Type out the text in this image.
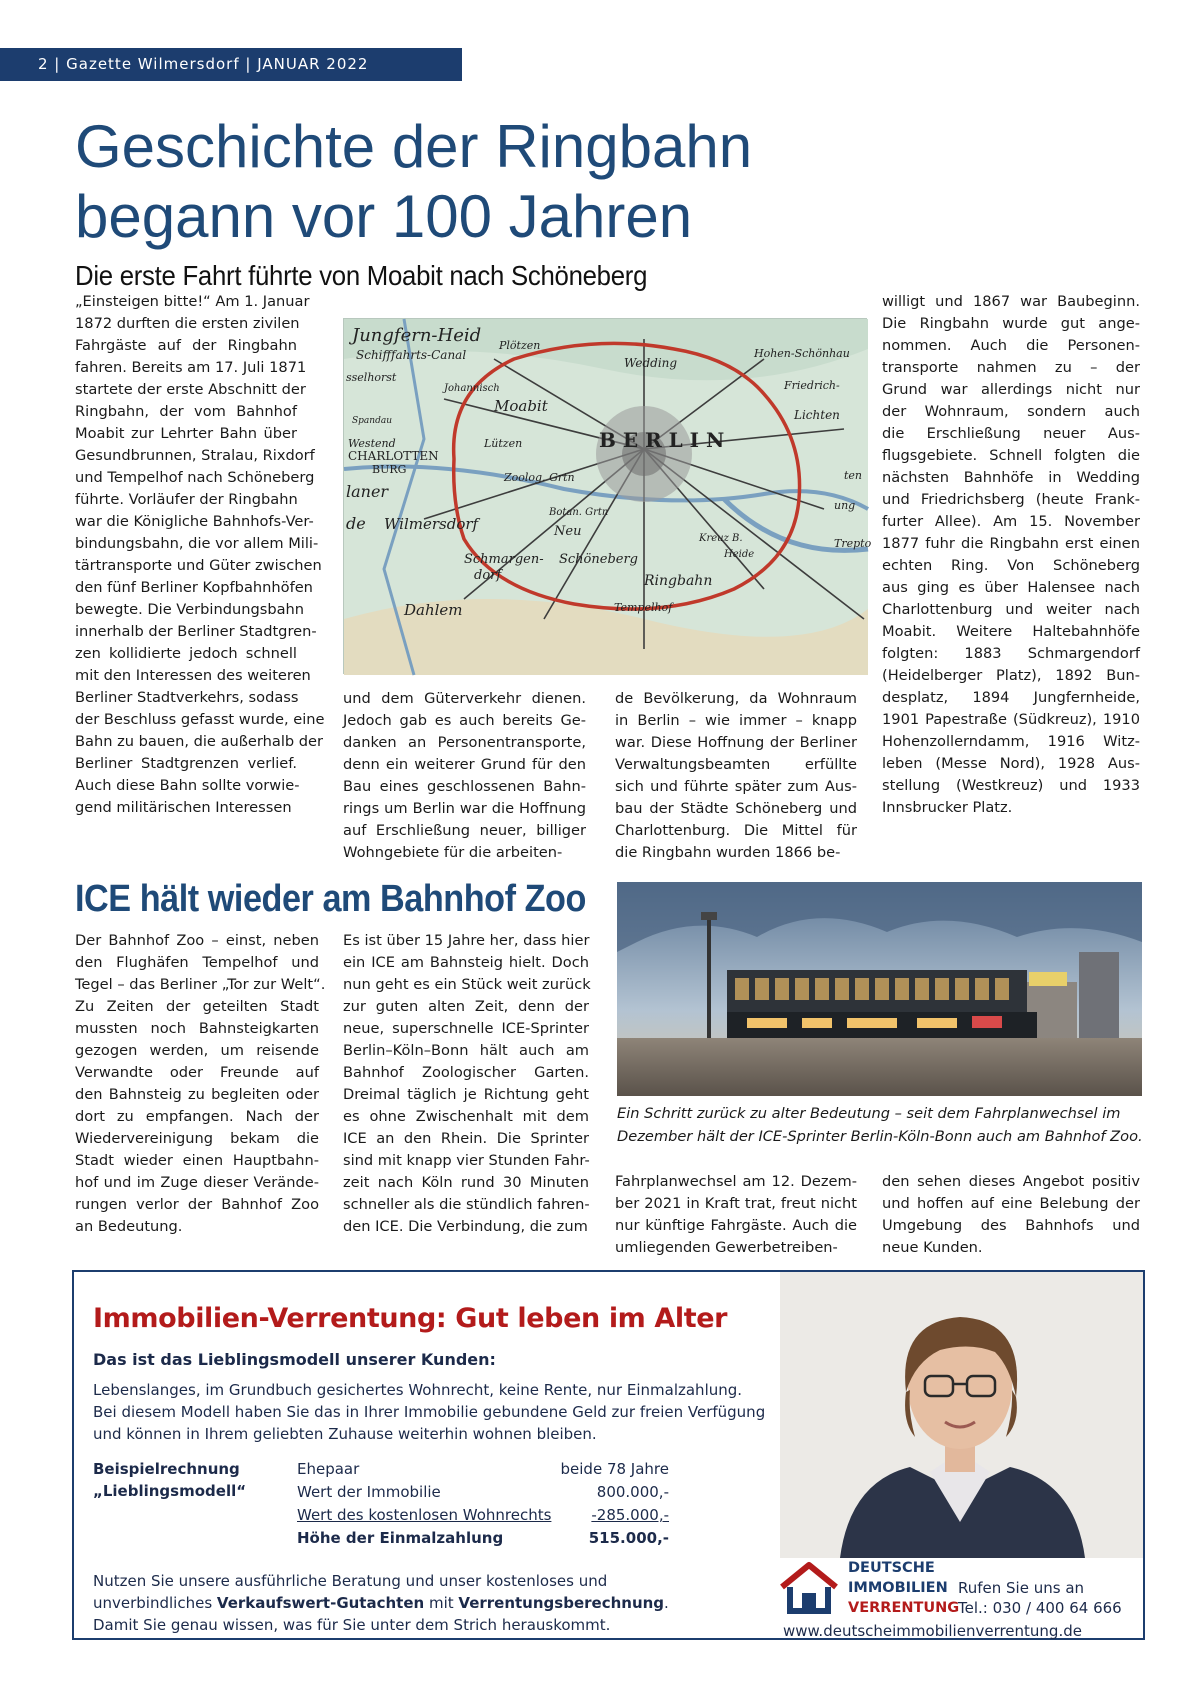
2 | Gazette Wilmersdorf | JANUAR 2022
Geschichte der Ringbahn
begann vor 100 Jahren
Die erste Fahrt führte von Moabit nach Schöneberg
„Einsteigen bitte!“ Am 1. Januar
1872 durften die ersten zivilen
Fahrgäste auf der Ringbahn
fahren. Bereits am 17. Juli 1871
startete der erste Abschnitt der
Ringbahn, der vom Bahnhof
Moabit zur Lehrter Bahn über
Gesundbrunnen, Stralau, Rixdorf
und Tempelhof nach Schöneberg
führte. Vorläufer der Ringbahn
war die Königliche Bahnhofs-Ver-
bindungsbahn, die vor allem Mili-
tärtransporte und Güter zwischen
den fünf Berliner Kopfbahnhöfen
bewegte. Die Verbindungsbahn
innerhalb der Berliner Stadtgren-
zen kollidierte jedoch schnell
mit den Interessen des weiteren
Berliner Stadtverkehrs, sodass
der Beschluss gefasst wurde, eine
Bahn zu bauen, die außerhalb der
Berliner Stadtgrenzen verlief.
Auch diese Bahn sollte vorwie-
gend militärischen Interessen
Jungfern-Heid
Schifffahrts-Canal
Plötzen
Wedding
Hohen-Schönhau
sselhorst
Johannisch
Moabit
Friedrich-
Lichten
Spandau
Westend
CHARLOTTEN
BURG
B E R L I N
Lützen
Zoolog. Grtn
laner
Botan. Grtn
Wilmersdorf	Neu	Kreuz B.
Heide
Trepto
Schmargen-
dorf
Schöneberg
Ringbahn
Tempelhof
Dahlem
de
ung
ten
und dem Güterverkehr dienen.
Jedoch gab es auch bereits Ge-
danken an Personentransporte,
denn ein weiterer Grund für den
Bau eines geschlossenen Bahn-
rings um Berlin war die Hoffnung
auf Erschließung neuer, billiger
Wohngebiete für die arbeiten-
de Bevölkerung, da Wohnraum
in Berlin – wie immer – knapp
war. Diese Hoffnung der Berliner
Verwaltungsbeamten erfüllte
sich und führte später zum Aus-
bau der Städte Schöneberg und
Charlottenburg. Die Mittel für
die Ringbahn wurden 1866 be-
willigt und 1867 war Baubeginn.
Die Ringbahn wurde gut ange-
nommen. Auch die Personen-
transporte nahmen zu – der
Grund war allerdings nicht nur
der Wohnraum, sondern auch
die Erschließung neuer Aus-
flugsgebiete. Schnell folgten die
nächsten Bahnhöfe in Wedding
und Friedrichsberg (heute Frank-
furter Allee). Am 15. November
1877 fuhr die Ringbahn erst einen
echten Ring. Von Schöneberg
aus ging es über Halensee nach
Charlottenburg und weiter nach
Moabit. Weitere Haltebahnhöfe
folgten: 1883 Schmargendorf
(Heidelberger Platz), 1892 Bun-
desplatz, 1894 Jungfernheide,
1901 Papestraße (Südkreuz), 1910
Hohenzollerndamm, 1916 Witz-
leben (Messe Nord), 1928 Aus-
stellung (Westkreuz) und 1933
Innsbrucker Platz.
ICE hält wieder am Bahnhof Zoo
Der Bahnhof Zoo – einst, neben
den Flughäfen Tempelhof und
Tegel – das Berliner „Tor zur Welt“.
Zu Zeiten der geteilten Stadt
mussten noch Bahnsteigkarten
gezogen werden, um reisende
Verwandte oder Freunde auf
den Bahnsteig zu begleiten oder
dort zu empfangen. Nach der
Wiedervereinigung bekam die
Stadt wieder einen Hauptbahn-
hof und im Zuge dieser Verände-
rungen verlor der Bahnhof Zoo
an Bedeutung.
Es ist über 15 Jahre her, dass hier
ein ICE am Bahnsteig hielt. Doch
nun geht es ein Stück weit zurück
zur guten alten Zeit, denn der
neue, superschnelle ICE-Sprinter
Berlin–Köln–Bonn hält auch am
Bahnhof Zoologischer Garten.
Dreimal täglich je Richtung geht
es ohne Zwischenhalt mit dem
ICE an den Rhein. Die Sprinter
sind mit knapp vier Stunden Fahr-
zeit nach Köln rund 30 Minuten
schneller als die stündlich fahren-
den ICE. Die Verbindung, die zum
Ein Schritt zurück zu alter Bedeutung – seit dem Fahrplanwechsel im
Dezember hält der ICE-Sprinter Berlin-Köln-Bonn auch am Bahnhof Zoo.
Fahrplanwechsel am 12. Dezem-
ber 2021 in Kraft trat, freut nicht
nur künftige Fahrgäste. Auch die
umliegenden Gewerbetreiben-
den sehen dieses Angebot positiv
und hoffen auf eine Belebung der
Umgebung des Bahnhofs und
neue Kunden.
Immobilien-Verrentung: Gut leben im Alter
Das ist das Lieblingsmodell unserer Kunden:
Lebenslanges, im Grundbuch gesichertes Wohnrecht, keine Rente, nur Einmalzahlung.
Bei diesem Modell haben Sie das in Ihrer Immobilie gebundene Geld zur freien Verfügung
und können in Ihrem geliebten Zuhause weiterhin wohnen bleiben.
Beispielrechnung
„Lieblingsmodell“
Ehepaar	beide 78 Jahre
Wert der Immobilie	800.000,-
Wert des kostenlosen Wohnrechts	-285.000,-
Höhe der Einmalzahlung	515.000,-
Nutzen Sie unsere ausführliche Beratung und unser kostenloses und
unverbindliches Verkaufswert-Gutachten mit Verrentungsberechnung.
Damit Sie genau wissen, was für Sie unter dem Strich herauskommt.
DEUTSCHE
IMMOBILIEN
VERRENTUNG
Rufen Sie uns an
Tel.: 030 / 400 64 666
www.deutscheimmobilienverrentung.de
